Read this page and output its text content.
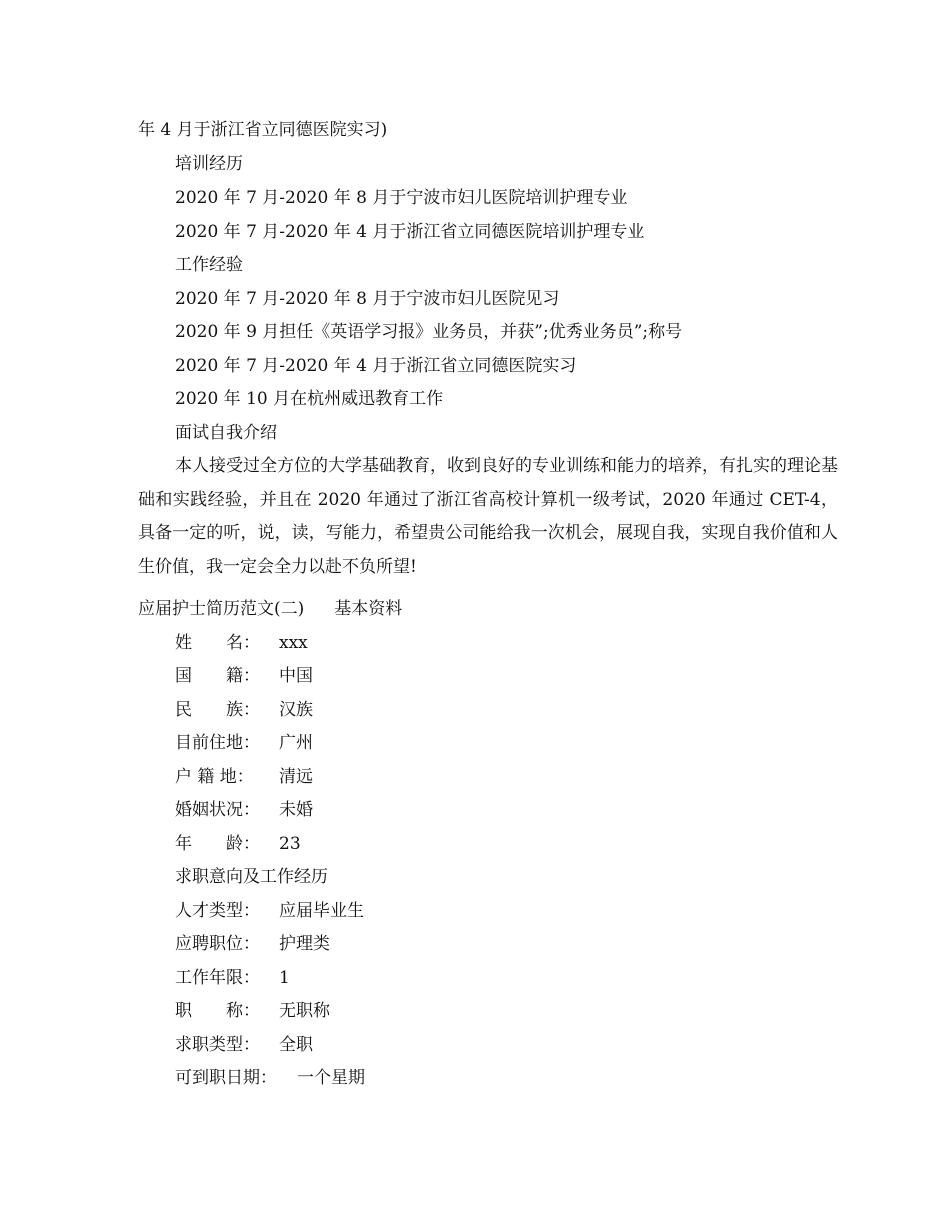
年 4 月于浙江省立同德医院实习)
培训经历
2020 年 7 月-2020 年 8 月于宁波市妇儿医院培训护理专业
2020 年 7 月-2020 年 4 月于浙江省立同德医院培训护理专业
工作经验
2020 年 7 月-2020 年 8 月于宁波市妇儿医院见习
2020 年 9 月担任《英语学习报》业务员，并获”;优秀业务员”;称号
2020 年 7 月-2020 年 4 月于浙江省立同德医院实习
2020 年 10 月在杭州威迅教育工作
面试自我介绍
本人接受过全方位的大学基础教育，收到良好的专业训练和能力的培养，有扎实的理论基础和实践经验，并且在 2020 年通过了浙江省高校计算机一级考试，2020 年通过 CET-4，具备一定的听，说，读，写能力，希望贵公司能给我一次机会，展现自我，实现自我价值和人生价值，我一定会全力以赴不负所望!
应届护士简历范文(二) 基本资料
姓　　名： xxx
国　　籍： 中国
民　　族： 汉族
目前住地： 广州
户 籍 地： 清远
婚姻状况： 未婚
年　　龄： 23
求职意向及工作经历
人才类型： 应届毕业生
应聘职位： 护理类
工作年限： 1
职　　称： 无职称
求职类型： 全职
可到职日期： 一个星期
